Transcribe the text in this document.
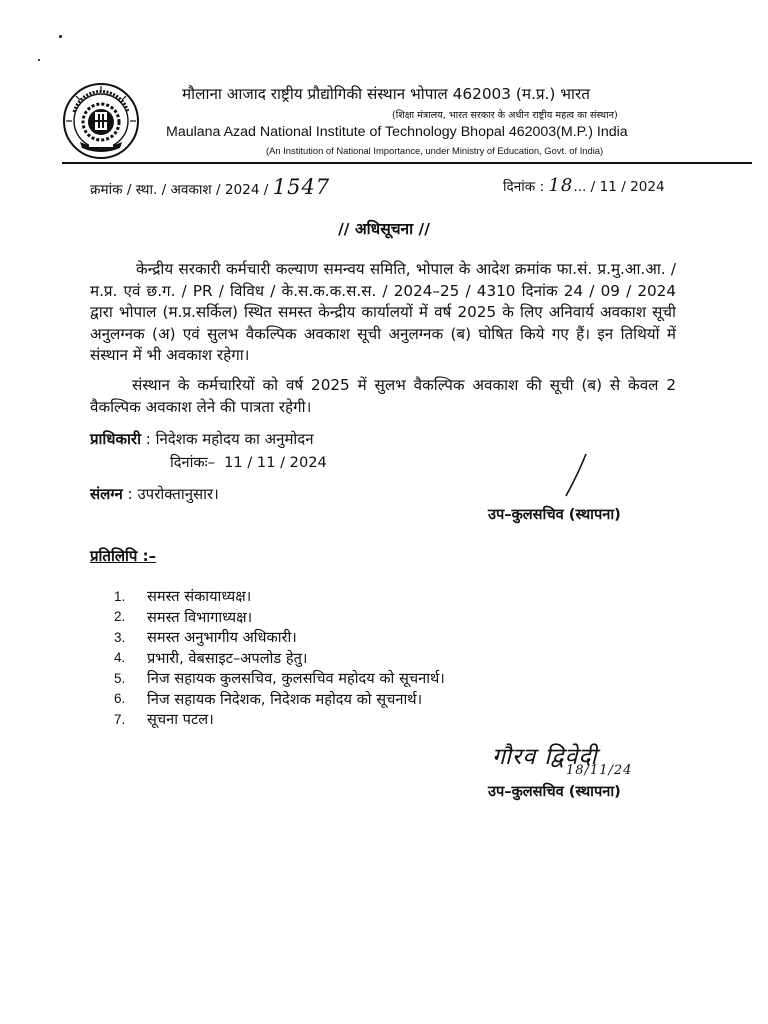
मौलाना आजाद राष्ट्रीय प्रौद्योगिकी संस्थान भोपाल 462003 (म.प्र.) भारत
(शिक्षा मंत्रालय, भारत सरकार के अधीन राष्ट्रीय महत्व का संस्थान)
Maulana Azad National Institute of Technology Bhopal 462003(M.P.) India
(An Institution of National Importance, under Ministry of Education, Govt. of India)
क्रमांक / स्था. / अवकाश / 2024 / 1547	दिनांक : 18... / 11 / 2024
// अधिसूचना //
केन्द्रीय सरकारी कर्मचारी कल्याण समन्वय समिति, भोपाल के आदेश क्रमांक फा.सं. प्र.मु.आ.आ. / म.प्र. एवं छ.ग. / PR / विविध / के.स.क.क.स.स. / 2024–25 / 4310 दिनांक 24 / 09 / 2024 द्वारा भोपाल (म.प्र.सर्किल) स्थित समस्त केन्द्रीय कार्यालयों में वर्ष 2025 के लिए अनिवार्य अवकाश सूची अनुलग्नक (अ) एवं सुलभ वैकल्पिक अवकाश सूची अनुलग्नक (ब) घोषित किये गए हैं। इन तिथियों में संस्थान में भी अवकाश रहेगा।
संस्थान के कर्मचारियों को वर्ष 2025 में सुलभ वैकल्पिक अवकाश की सूची (ब) से केवल 2 वैकल्पिक अवकाश लेने की पात्रता रहेगी।
प्राधिकारी : निदेशक महोदय का अनुमोदन
दिनांकः–  11 / 11 / 2024
संलग्न : उपरोक्तानुसार।
उप–कुलसचिव (स्थापना)
प्रतिलिपि :–
1.	समस्त संकायाध्यक्ष।
2.	समस्त विभागाध्यक्ष।
3.	समस्त अनुभागीय अधिकारी।
4.	प्रभारी, वेबसाइट–अपलोड हेतु।
5.	निज सहायक कुलसचिव, कुलसचिव महोदय को सूचनार्थ।
6.	निज सहायक निदेशक, निदेशक महोदय को सूचनार्थ।
7.	सूचना पटल।
गौरव द्विवेदी
18/11/24
उप–कुलसचिव (स्थापना)
